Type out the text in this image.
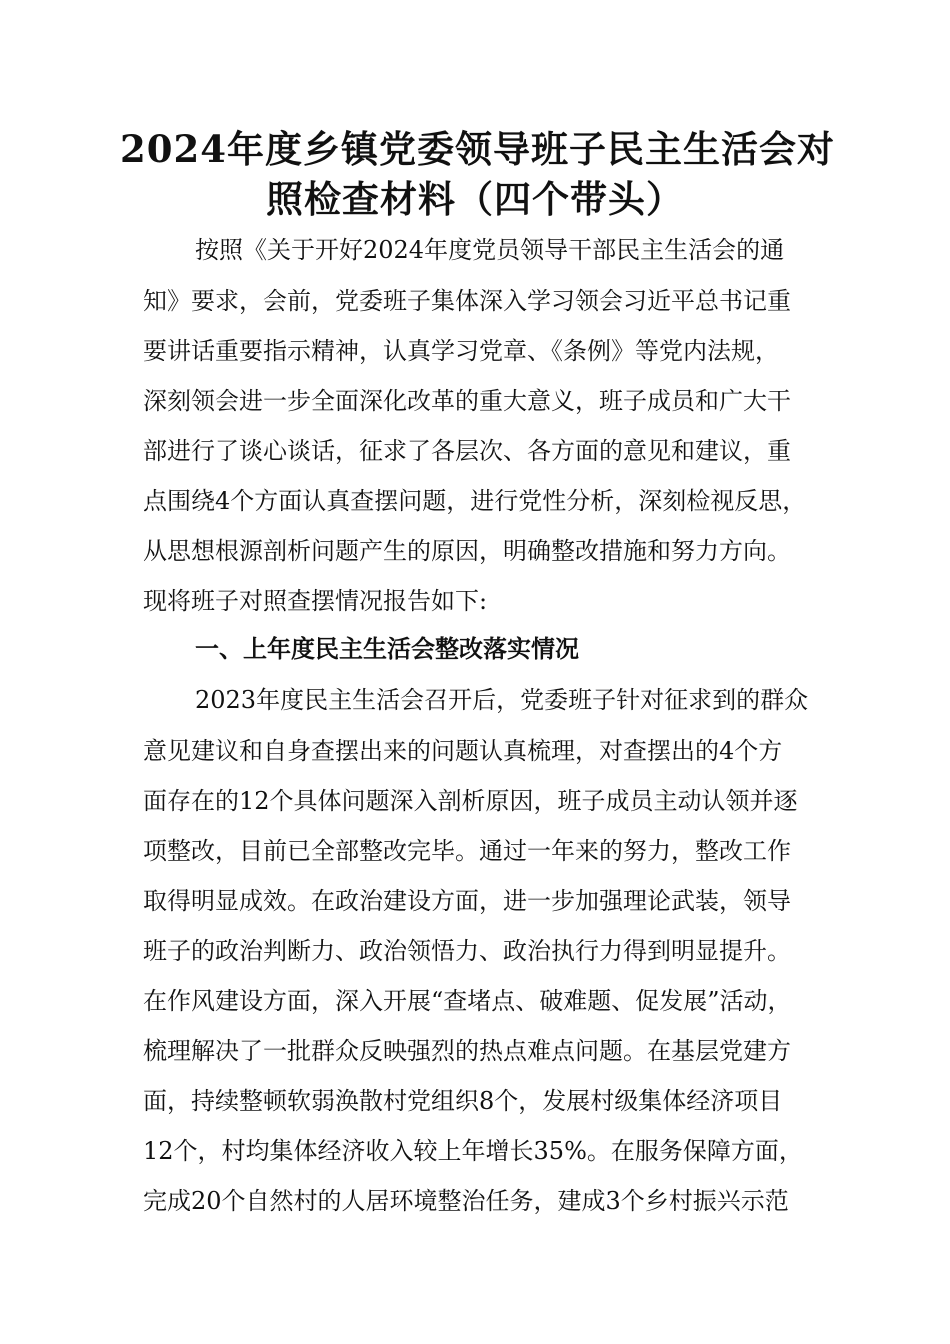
2024年度乡镇党委领导班子民主生活会对
照检查材料（四个带头）

按照《关于开好2024年度党员领导干部民主生活会的通

知》要求，会前，党委班子集体深入学习领会习近平总书记重

要讲话重要指示精神，认真学习党章、《条例》等党内法规，

深刻领会进一步全面深化改革的重大意义，班子成员和广大干

部进行了谈心谈话，征求了各层次、各方面的意见和建议，重

点围绕4个方面认真查摆问题，进行党性分析，深刻检视反思，

从思想根源剖析问题产生的原因，明确整改措施和努力方向。

现将班子对照查摆情况报告如下:

一、上年度民主生活会整改落实情况

2023年度民主生活会召开后，党委班子针对征求到的群众

意见建议和自身查摆出来的问题认真梳理，对查摆出的4个方

面存在的12个具体问题深入剖析原因，班子成员主动认领并逐

项整改，目前已全部整改完毕。通过一年来的努力，整改工作

取得明显成效。在政治建设方面，进一步加强理论武装，领导

班子的政治判断力、政治领悟力、政治执行力得到明显提升。

在作风建设方面，深入开展“查堵点、破难题、促发展”活动，

梳理解决了一批群众反映强烈的热点难点问题。在基层党建方

面，持续整顿软弱涣散村党组织8个，发展村级集体经济项目

12个，村均集体经济收入较上年增长35%。在服务保障方面，

完成20个自然村的人居环境整治任务，建成3个乡村振兴示范
